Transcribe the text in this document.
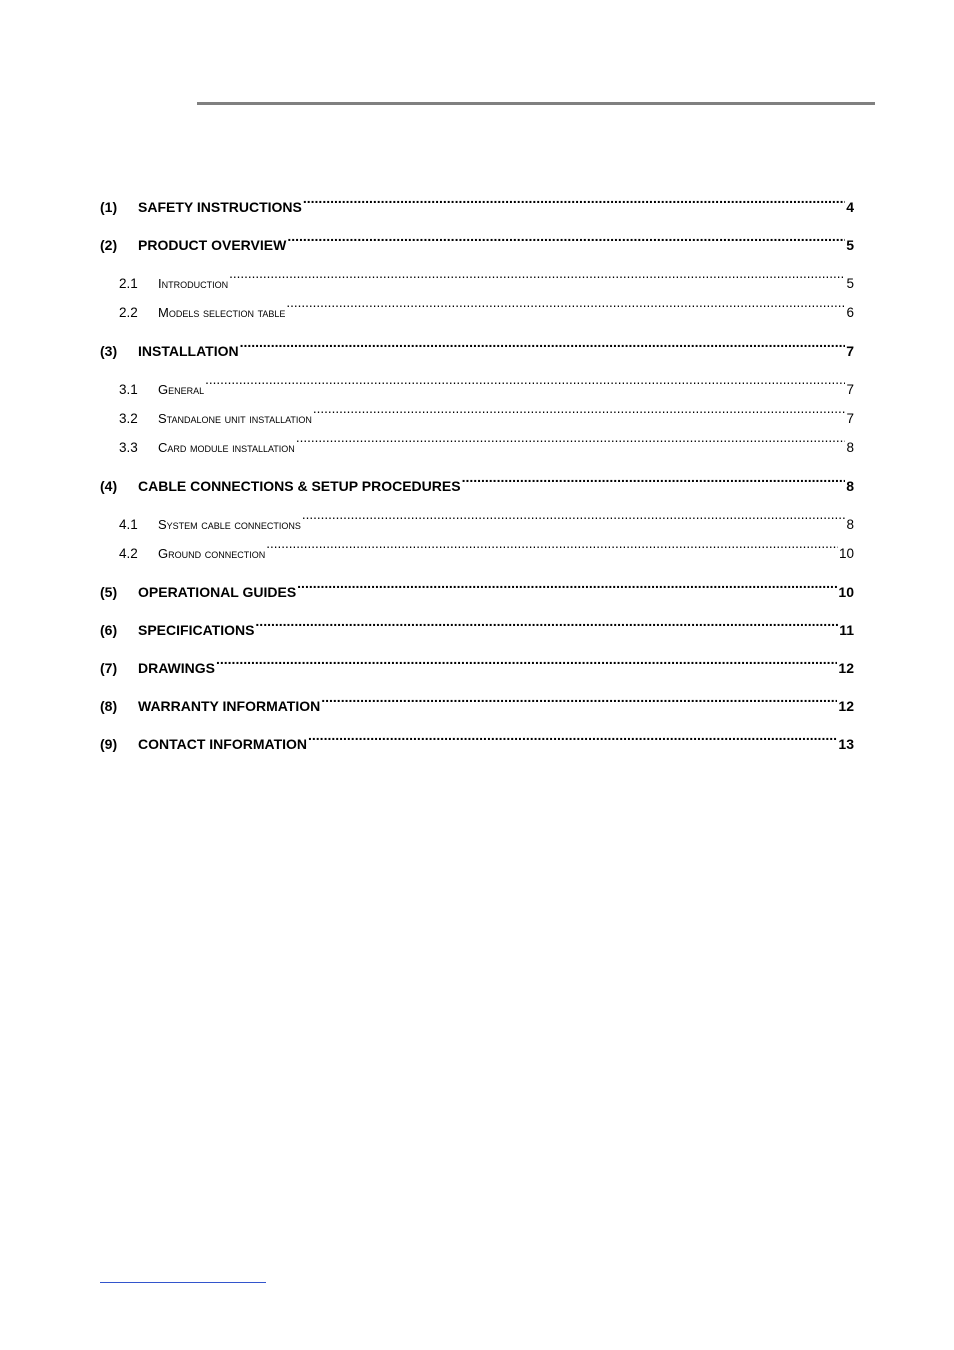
(1)	SAFETY INSTRUCTIONS .....	4
(2)	PRODUCT OVERVIEW .....	5
2.1	Introduction .....	5
2.2	Models selection table .....	6
(3)	INSTALLATION .....	7
3.1	General .....	7
3.2	Standalone unit installation .....	7
3.3	Card module installation .....	8
(4)	CABLE CONNECTIONS & SETUP PROCEDURES .....	8
4.1	System cable connections .....	8
4.2	Ground connection .....	10
(5)	OPERATIONAL GUIDES .....	10
(6)	SPECIFICATIONS .....	11
(7)	DRAWINGS .....	12
(8)	WARRANTY INFORMATION .....	12
(9)	CONTACT INFORMATION .....	13
